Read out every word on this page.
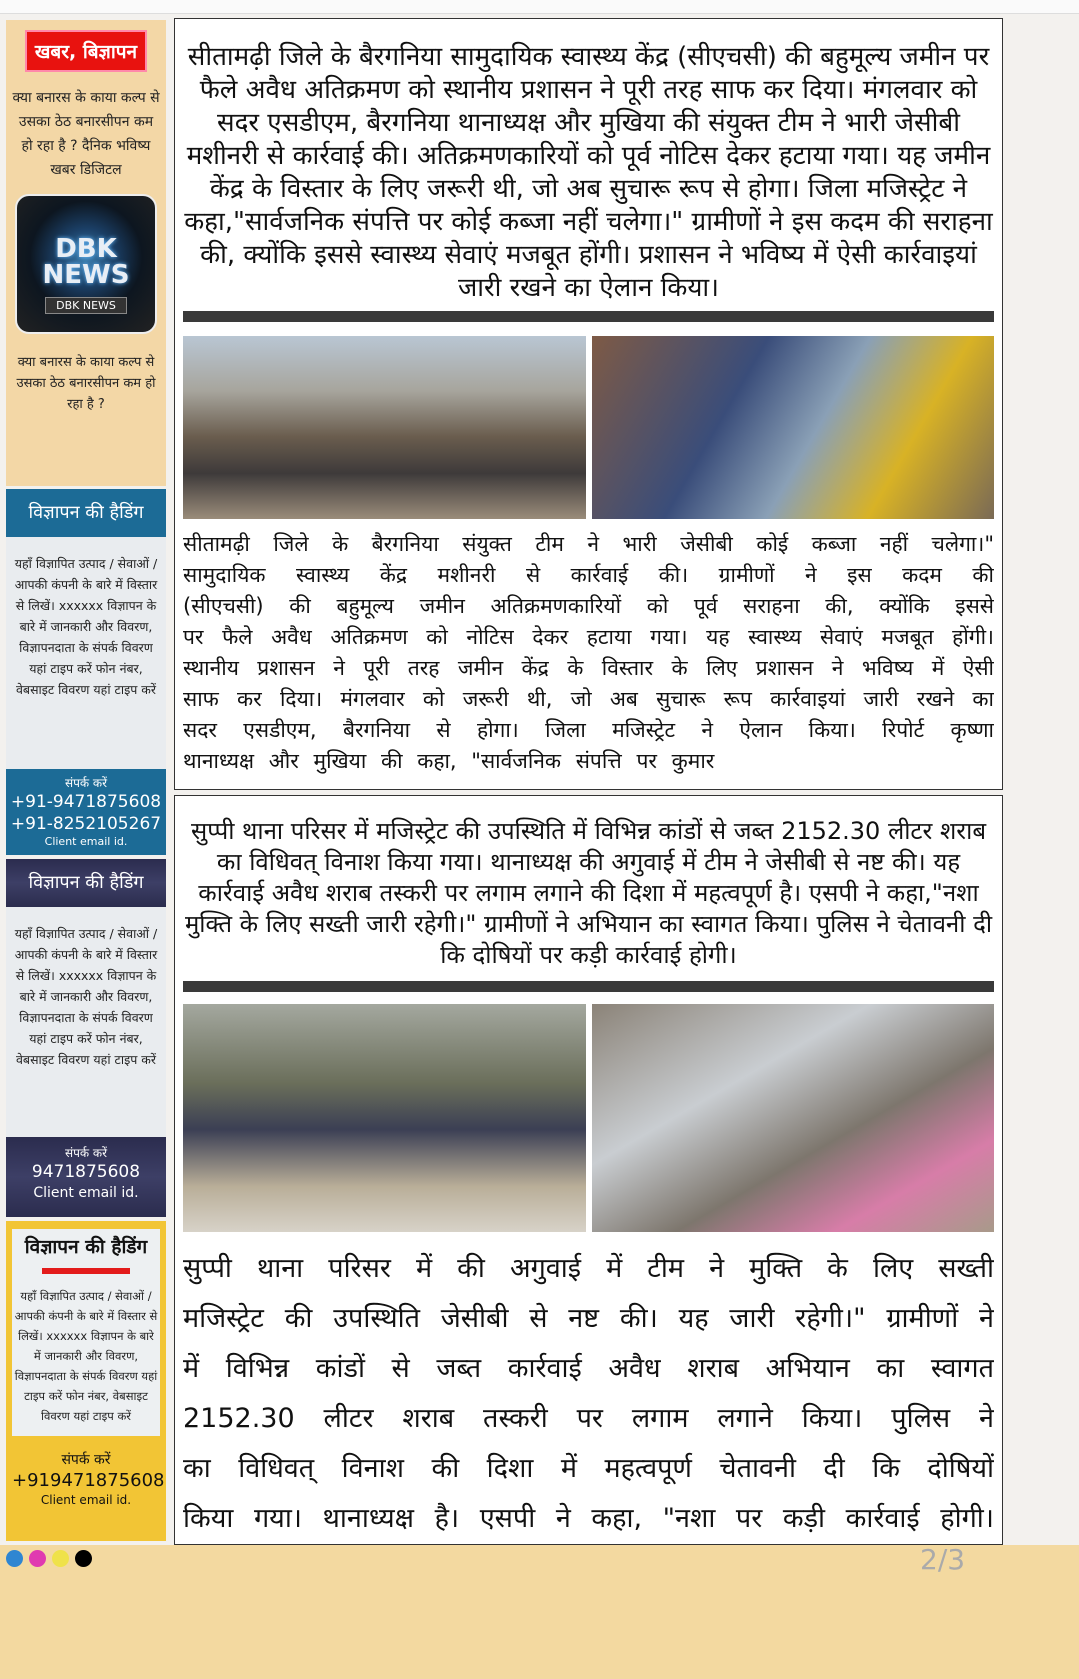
खबर, बिज्ञापन
क्या बनारस के काया कल्प से उसका ठेठ बनारसीपन कम हो रहा है ? दैनिक भविष्य खबर डिजिटल
DBK NEWS
DBK NEWS
क्या बनारस के काया कल्प से उसका ठेठ बनारसीपन कम हो रहा है ?
विज्ञापन की हैडिंग
यहाँ विज्ञापित उत्पाद / सेवाओं / आपकी कंपनी के बारे में विस्तार से लिखें। xxxxxx विज्ञापन के बारे में जानकारी और विवरण, विज्ञापनदाता के संपर्क विवरण यहां टाइप करें फोन नंबर, वेबसाइट विवरण यहां टाइप करें
संपर्क करें
+91-9471875608
+91-8252105267
Client email id.
विज्ञापन की हैडिंग
यहाँ विज्ञापित उत्पाद / सेवाओं / आपकी कंपनी के बारे में विस्तार से लिखें। xxxxxx विज्ञापन के बारे में जानकारी और विवरण, विज्ञापनदाता के संपर्क विवरण यहां टाइप करें फोन नंबर, वेबसाइट विवरण यहां टाइप करें
संपर्क करें
9471875608
Client email id.
विज्ञापन की हैडिंग
यहाँ विज्ञापित उत्पाद / सेवाओं / आपकी कंपनी के बारे में विस्तार से लिखें। xxxxxx विज्ञापन के बारे में जानकारी और विवरण, विज्ञापनदाता के संपर्क विवरण यहां टाइप करें फोन नंबर, वेबसाइट विवरण यहां टाइप करें
संपर्क करें
+919471875608
Client email id.

सीतामढ़ी जिले के बैरगनिया सामुदायिक स्वास्थ्य केंद्र (सीएचसी) की बहुमूल्य जमीन पर फैले अवैध अतिक्रमण को स्थानीय प्रशासन ने पूरी तरह साफ कर दिया। मंगलवार को सदर एसडीएम, बैरगनिया थानाध्यक्ष और मुखिया की संयुक्त टीम ने भारी जेसीबी मशीनरी से कार्रवाई की। अतिक्रमणकारियों को पूर्व नोटिस देकर हटाया गया। यह जमीन केंद्र के विस्तार के लिए जरूरी थी, जो अब सुचारू रूप से होगा। जिला मजिस्ट्रेट ने कहा,"सार्वजनिक संपत्ति पर कोई कब्जा नहीं चलेगा।" ग्रामीणों ने इस कदम की सराहना की, क्योंकि इससे स्वास्थ्य सेवाएं मजबूत होंगी। प्रशासन ने भविष्य में ऐसी कार्रवाइयां जारी रखने का ऐलान किया।

सीतामढ़ी जिले के बैरगनिया संयुक्त टीम ने भारी जेसीबी कोई कब्जा नहीं चलेगा।"
सामुदायिक स्वास्थ्य केंद्र मशीनरी से कार्रवाई की। ग्रामीणों ने इस कदम की
(सीएचसी) की बहुमूल्य जमीन अतिक्रमणकारियों को पूर्व सराहना की, क्योंकि इससे
पर फैले अवैध अतिक्रमण को नोटिस देकर हटाया गया। यह स्वास्थ्य सेवाएं मजबूत होंगी।
स्थानीय प्रशासन ने पूरी तरह जमीन केंद्र के विस्तार के लिए प्रशासन ने भविष्य में ऐसी
साफ कर दिया। मंगलवार को जरूरी थी, जो अब सुचारू रूप कार्रवाइयां जारी रखने का
सदर एसडीएम, बैरगनिया से होगा। जिला मजिस्ट्रेट ने ऐलान किया। रिपोर्ट कृष्णा
थानाध्यक्ष और मुखिया की कहा, "सार्वजनिक संपत्ति पर कुमार

सुप्पी थाना परिसर में मजिस्ट्रेट की उपस्थिति में विभिन्न कांडों से जब्त 2152.30 लीटर शराब का विधिवत् विनाश किया गया। थानाध्यक्ष की अगुवाई में टीम ने जेसीबी से नष्ट की। यह कार्रवाई अवैध शराब तस्करी पर लगाम लगाने की दिशा में महत्वपूर्ण है। एसपी ने कहा,"नशा मुक्ति के लिए सख्ती जारी रहेगी।" ग्रामीणों ने अभियान का स्वागत किया। पुलिस ने चेतावनी दी कि दोषियों पर कड़ी कार्रवाई होगी।

सुप्पी थाना परिसर में की अगुवाई में टीम ने मुक्ति के लिए सख्ती
मजिस्ट्रेट की उपस्थिति जेसीबी से नष्ट की। यह जारी रहेगी।" ग्रामीणों ने
में विभिन्न कांडों से जब्त कार्रवाई अवैध शराब अभियान का स्वागत
2152.30 लीटर शराब तस्करी पर लगाम लगाने किया। पुलिस ने
का विधिवत् विनाश की दिशा में महत्वपूर्ण चेतावनी दी कि दोषियों
किया गया। थानाध्यक्ष है। एसपी ने कहा, "नशा पर कड़ी कार्रवाई होगी।
2/3
